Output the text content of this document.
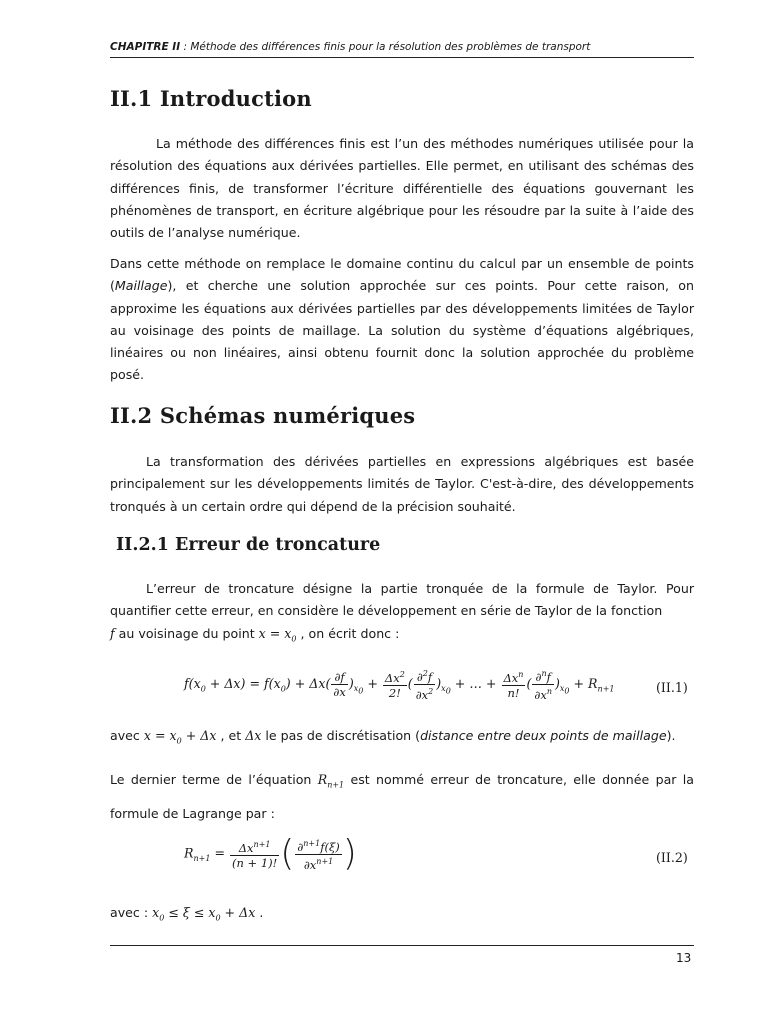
CHAPITRE II : Méthode des différences finis pour la résolution des problèmes de transport
II.1 Introduction

La méthode des différences finis est l’un des méthodes numériques utilisée pour la résolution des équations aux dérivées partielles. Elle permet, en utilisant des schémas des différences finis, de transformer l’écriture différentielle des équations gouvernant les phénomènes de transport, en écriture algébrique pour les résoudre par la suite à l’aide des outils de l’analyse numérique.

Dans cette méthode on remplace le domaine continu du calcul par un ensemble de points (Maillage), et cherche une solution approchée sur ces points. Pour cette raison, on approxime les équations aux dérivées partielles par des développements limitées de Taylor au voisinage des points de maillage. La solution du système d’équations algébriques, linéaires ou non linéaires, ainsi obtenu fournit donc la solution approchée du problème posé.

II.2 Schémas numériques

La transformation des dérivées partielles en expressions algébriques est basée principalement sur les développements limités de Taylor. C'est-à-dire, des développements tronqués à un certain ordre qui dépend de la précision souhaité.

II.2.1 Erreur de troncature

L’erreur de troncature désigne la partie tronquée de la formule de Taylor. Pour quantifier cette erreur, en considère le développement en série de Taylor de la fonction
f au voisinage du point $x = x_0$ , on écrit donc :

$f(x_0 + \Delta x) = f(x_0) + \Delta x( \frac{\partial f}{\partial x} )_{x_0} + \frac{\Delta x^2}{2!}$ ( $\frac{\partial^2f}{\partial x^2} )_{x_0}$ + … + $\frac{\Delta x^n}{n!}$ ( $\frac{\partial^nf}{\partial x^n} )_{x_0} + R_{n+1}$	(II.1)

avec $x = x_0 + \Delta x$ , et Δx le pas de discrétisation (distance entre deux points de maillage).

Le dernier terme de l’équation $R_{n+1}$ est nommé erreur de troncature, elle donnée par la formule de Lagrange par :

$R_{n+1} = \frac{\Delta x^{n+1}}{(n + 1)!}$ ( $\frac{\partial^{n+1}f(\xi)}{\partial x^{n+1}}$ )	(II.2)

avec : $x_0 \le \xi \le x_0 + \Delta x$ .

13
